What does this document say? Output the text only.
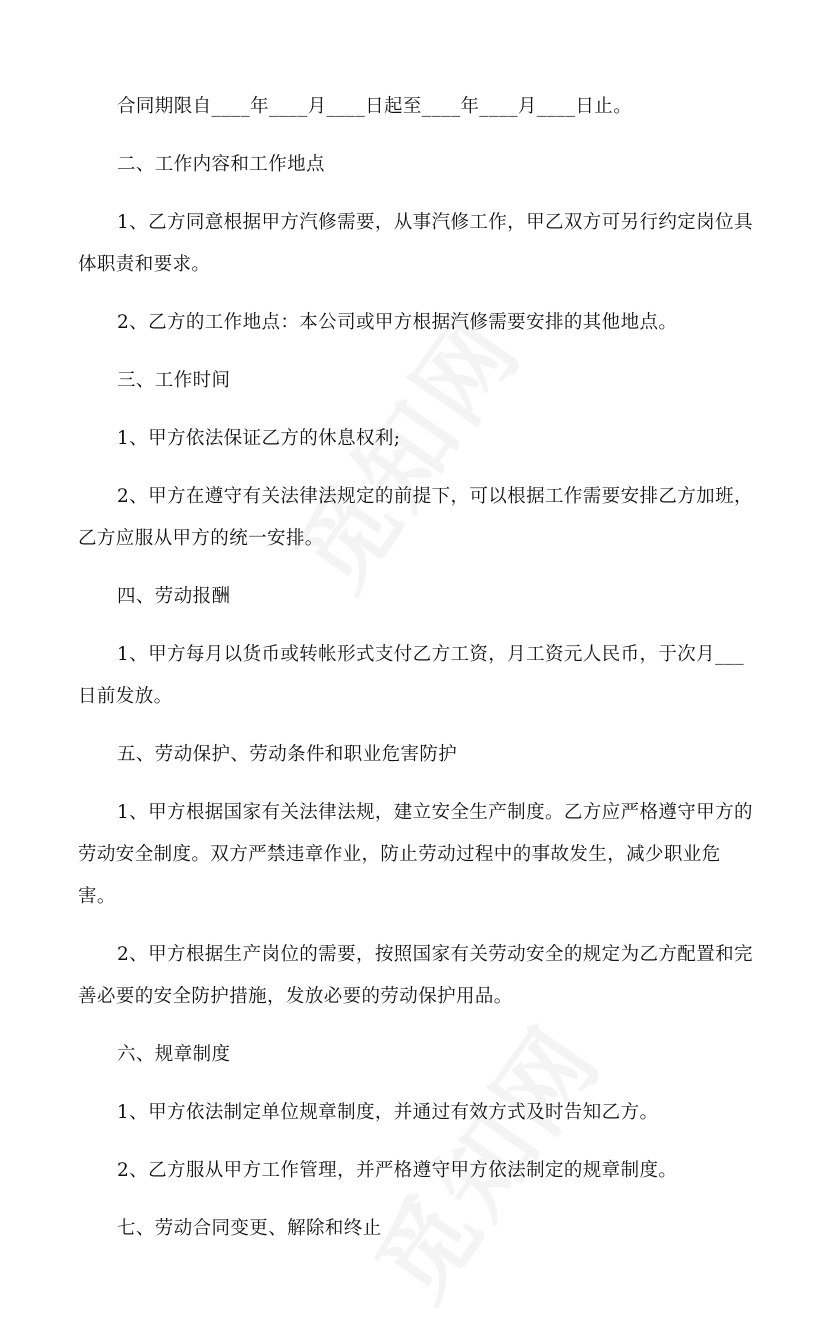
合同期限自____年____月____日起至____年____月____日止。

二、工作内容和工作地点

1、乙方同意根据甲方汽修需要，从事汽修工作，甲乙双方可另行约定岗位具体职责和要求。

2、乙方的工作地点：本公司或甲方根据汽修需要安排的其他地点。

三、工作时间

1、甲方依法保证乙方的休息权利;

2、甲方在遵守有关法律法规定的前提下，可以根据工作需要安排乙方加班，乙方应服从甲方的统一安排。

四、劳动报酬

1、甲方每月以货币或转帐形式支付乙方工资，月工资元人民币，于次月___日前发放。

五、劳动保护、劳动条件和职业危害防护

1、甲方根据国家有关法律法规，建立安全生产制度。乙方应严格遵守甲方的劳动安全制度。双方严禁违章作业，防止劳动过程中的事故发生，减少职业危害。

2、甲方根据生产岗位的需要，按照国家有关劳动安全的规定为乙方配置和完善必要的安全防护措施，发放必要的劳动保护用品。

六、规章制度

1、甲方依法制定单位规章制度，并通过有效方式及时告知乙方。

2、乙方服从甲方工作管理，并严格遵守甲方依法制定的规章制度。

七、劳动合同变更、解除和终止
